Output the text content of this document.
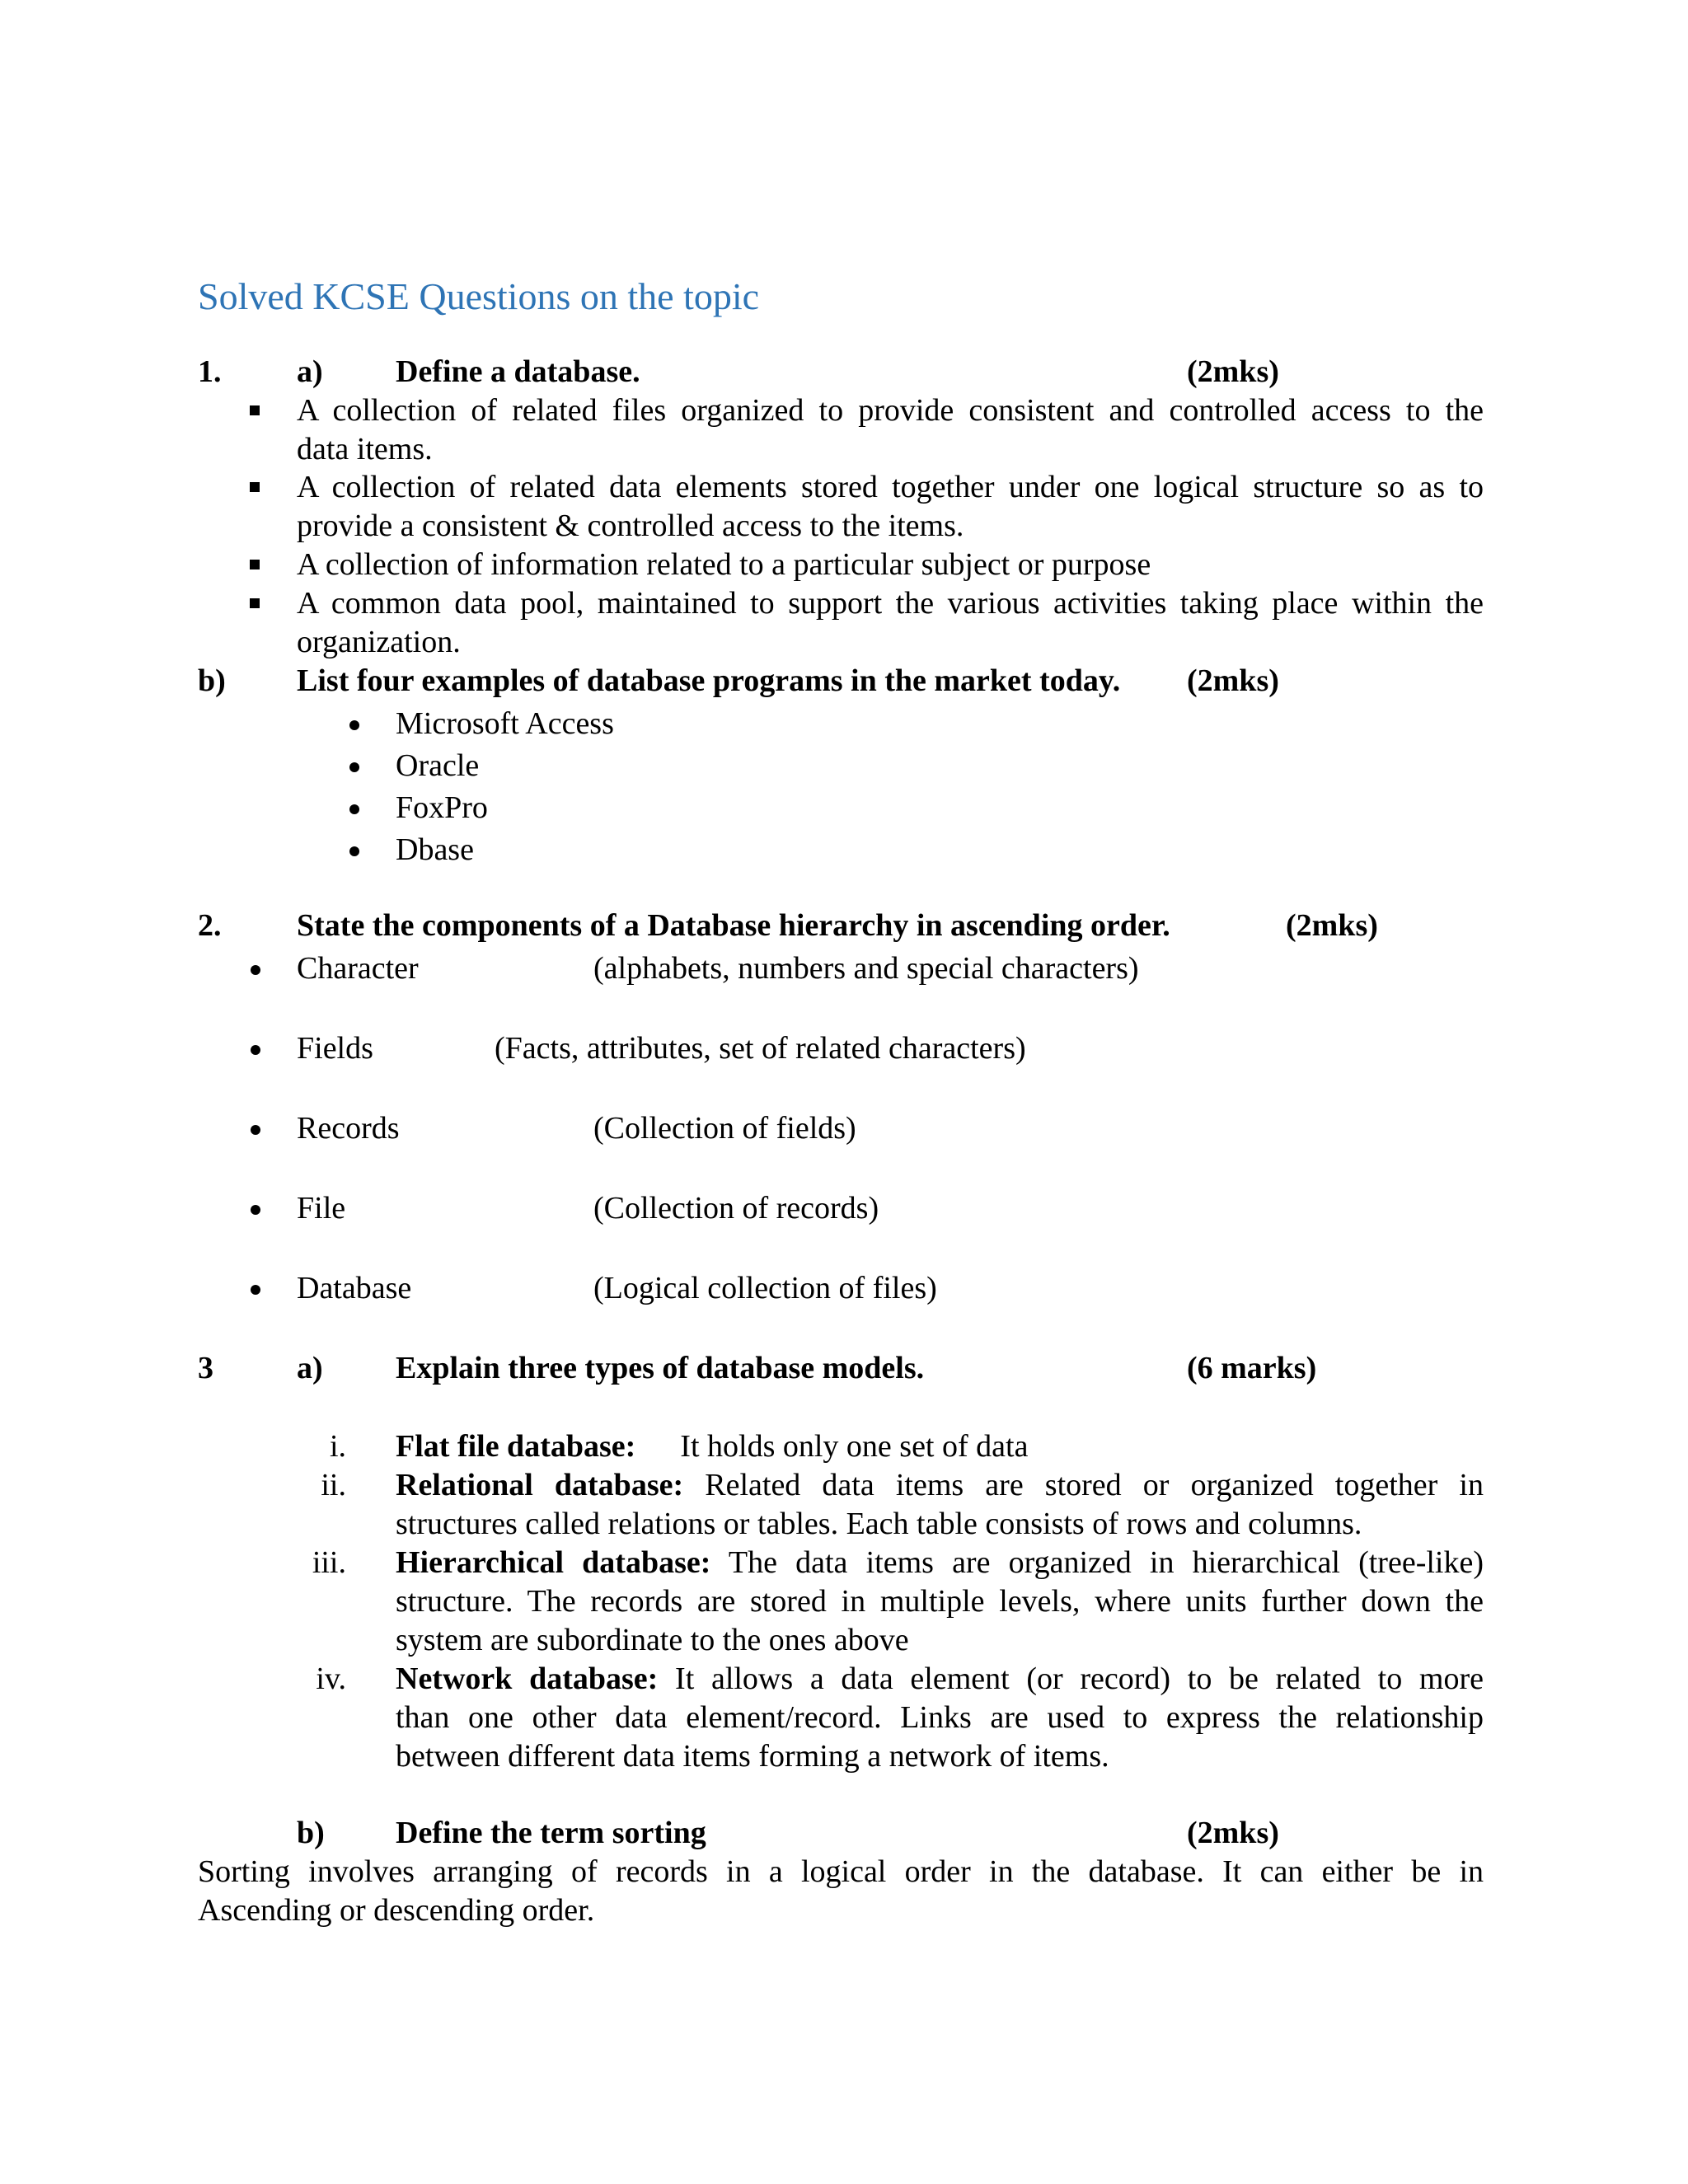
Solved KCSE Questions on the topic
1. a) Define a database.	(2mks)
A collection of related files organized to provide consistent and controlled access to the
data items.
A collection of related data elements stored together under one logical structure so as to
provide a consistent & controlled access to the items.
A collection of information related to a particular subject or purpose
A common data pool, maintained to support the various activities taking place within the
organization.
b) List four examples of database programs in the market today. (2mks)
Microsoft Access
Oracle
FoxPro
Dbase
2. State the components of a Database hierarchy in ascending order.	(2mks)
Character	(alphabets, numbers and special characters)
Fields	(Facts, attributes, set of related characters)
Records	(Collection of fields)
File	(Collection of records)
Database	(Logical collection of files)
3	a) Explain three types of database models.	(6 marks)
i. Flat file database: It holds only one set of data
ii. Relational database: Related data items are stored or organized together in
structures called relations or tables. Each table consists of rows and columns.
iii. Hierarchical database: The data items are organized in hierarchical (tree-like)
structure. The records are stored in multiple levels, where units further down the
system are subordinate to the ones above
iv. Network database: It allows a data element (or record) to be related to more
than one other data element/record. Links are used to express the relationship
between different data items forming a network of items.
b) Define the term sorting	(2mks)
Sorting involves arranging of records in a logical order in the database. It can either be in
Ascending or descending order.
